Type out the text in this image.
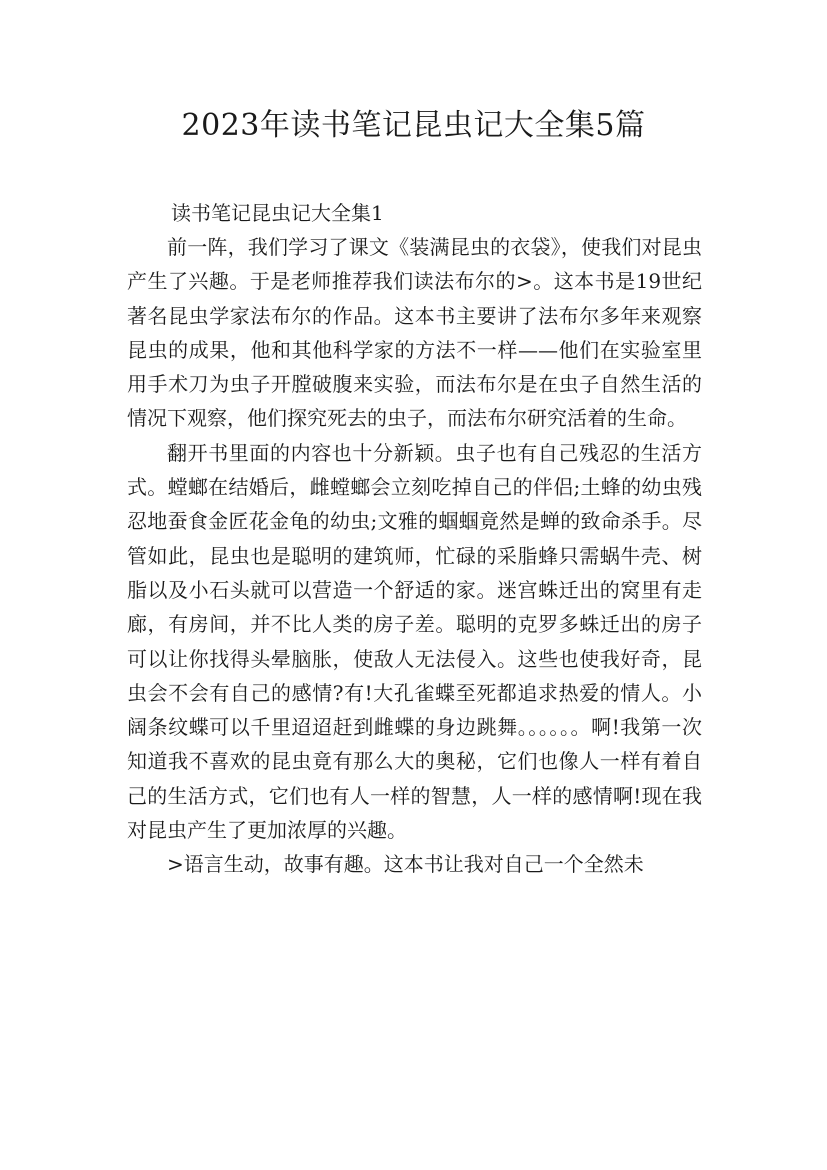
2023年读书笔记昆虫记大全集5篇

读书笔记昆虫记大全集1

前一阵，我们学习了课文《装满昆虫的衣袋》，使我们对昆虫产生了兴趣。于是老师推荐我们读法布尔的>。这本书是19世纪著名昆虫学家法布尔的作品。这本书主要讲了法布尔多年来观察昆虫的成果，他和其他科学家的方法不一样——他们在实验室里用手术刀为虫子开膛破腹来实验，而法布尔是在虫子自然生活的情况下观察，他们探究死去的虫子，而法布尔研究活着的生命。

翻开书里面的内容也十分新颖。虫子也有自己残忍的生活方式。螳螂在结婚后，雌螳螂会立刻吃掉自己的伴侣;土蜂的幼虫残忍地蚕食金匠花金龟的幼虫;文雅的蝈蝈竟然是蝉的致命杀手。尽管如此，昆虫也是聪明的建筑师，忙碌的采脂蜂只需蜗牛壳、树脂以及小石头就可以营造一个舒适的家。迷宫蛛迁出的窝里有走廊，有房间，并不比人类的房子差。聪明的克罗多蛛迁出的房子可以让你找得头晕脑胀，使敌人无法侵入。这些也使我好奇，昆虫会不会有自己的感情?有!大孔雀蝶至死都追求热爱的情人。小阔条纹蝶可以千里迢迢赶到雌蝶的身边跳舞。。。。。。啊!我第一次知道我不喜欢的昆虫竟有那么大的奥秘，它们也像人一样有着自己的生活方式，它们也有人一样的智慧，人一样的感情啊!现在我对昆虫产生了更加浓厚的兴趣。

>语言生动，故事有趣。这本书让我对自己一个全然未
